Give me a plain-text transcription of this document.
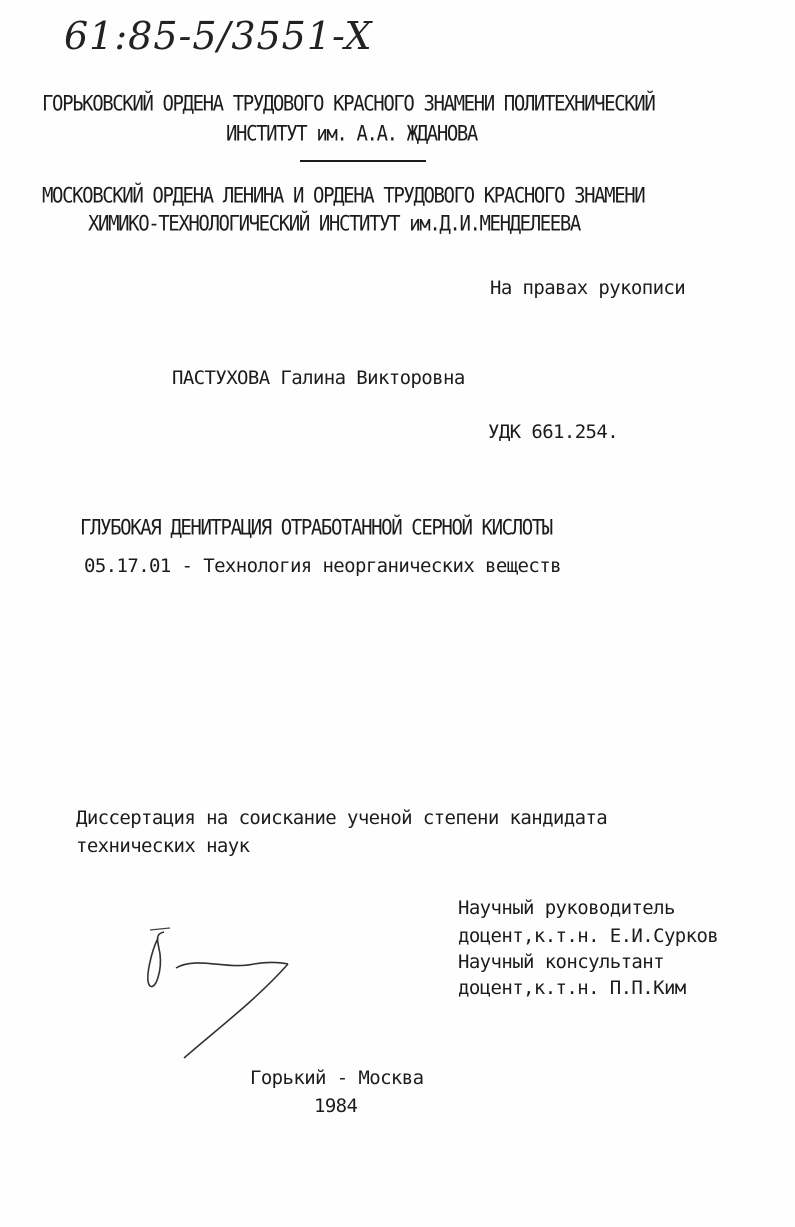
61:85-5/3551-X
ГОРЬКОВСКИЙ ОРДЕНА ТРУДОВОГО КРАСНОГО ЗНАМЕНИ ПОЛИТЕХНИЧЕСКИЙ
ИНСТИТУТ им. А.А. ЖДАНОВА
МОСКОВСКИЙ ОРДЕНА ЛЕНИНА И ОРДЕНА ТРУДОВОГО КРАСНОГО ЗНАМЕНИ
ХИМИКО-ТЕХНОЛОГИЧЕСКИЙ ИНСТИТУТ им.Д.И.МЕНДЕЛЕЕВА
На правах рукописи
ПАСТУХОВА Галина Викторовна
УДК 661.254.
ГЛУБОКАЯ ДЕНИТРАЦИЯ ОТРАБОТАННОЙ СЕРНОЙ КИСЛОТЫ
05.17.01 - Технология неорганических веществ
Диссертация на соискание ученой степени кандидата
технических наук
Научный руководитель
доцент,к.т.н. Е.И.Сурков
Научный консультант
доцент,к.т.н. П.П.Ким
Горький - Москва
1984
